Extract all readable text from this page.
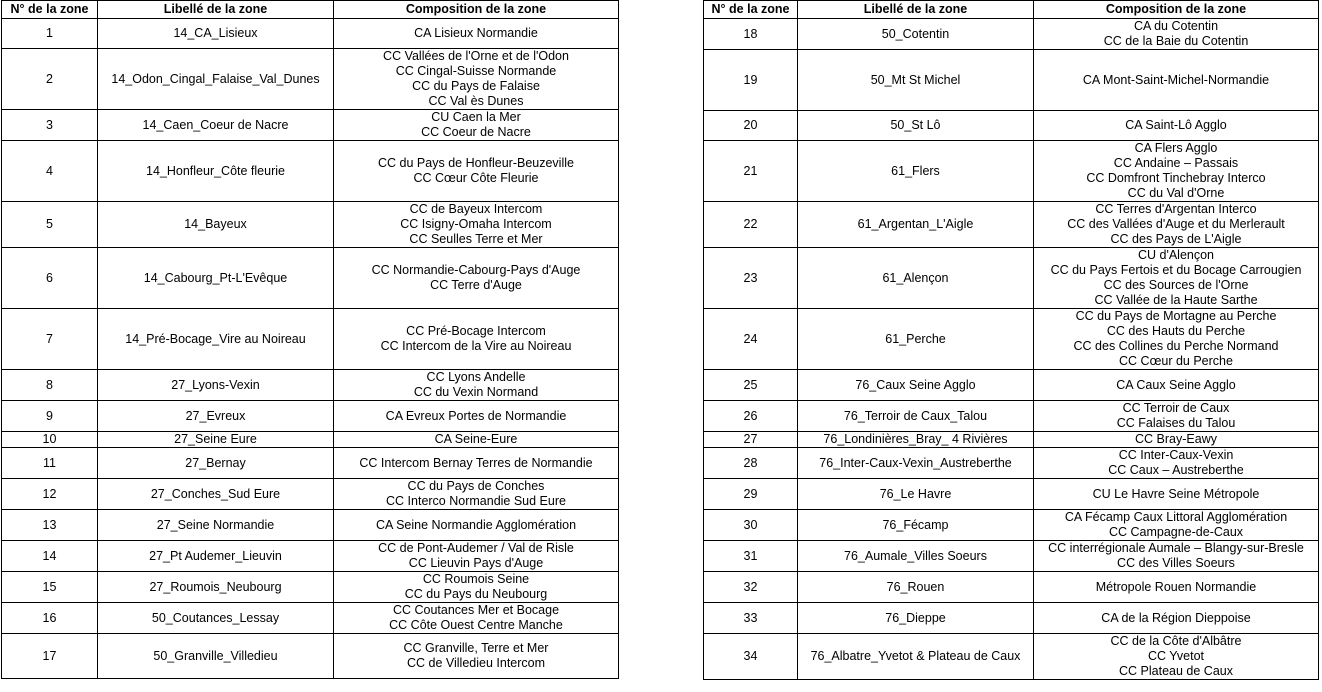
N° de la zone	Libellé de la zone	Composition de la zone
1	14_CA_Lisieux	CA Lisieux Normandie

2	14_Odon_Cingal_Falaise_Val_Dunes	CC Vallées de l'Orne et de l'Odon
CC Cingal-Suisse Normande
CC du Pays de Falaise
CC Val ès Dunes

3	14_Caen_Coeur de Nacre	CU Caen la Mer
CC Coeur de Nacre

4	14_Honfleur_Côte fleurie	CC du Pays de Honfleur-Beuzeville
CC Cœur Côte Fleurie

5	14_Bayeux	CC de Bayeux Intercom
CC Isigny-Omaha Intercom
CC Seulles Terre et Mer

6	14_Cabourg_Pt-L'Evêque	CC Normandie-Cabourg-Pays d'Auge
CC Terre d'Auge

7	14_Pré-Bocage_Vire au Noireau	CC Pré-Bocage Intercom
CC Intercom de la Vire au Noireau

8	27_Lyons-Vexin	CC Lyons Andelle
CC du Vexin Normand

9	27_Evreux	CA Evreux Portes de Normandie

10	27_Seine Eure	CA Seine-Eure

11	27_Bernay	CC Intercom Bernay Terres de Normandie

12	27_Conches_Sud Eure	CC du Pays de Conches
CC Interco Normandie Sud Eure

13	27_Seine Normandie	CA Seine Normandie Agglomération

14	27_Pt Audemer_Lieuvin	CC de Pont-Audemer / Val de Risle
CC Lieuvin Pays d'Auge

15	27_Roumois_Neubourg	CC Roumois Seine
CC du Pays du Neubourg

16	50_Coutances_Lessay	CC Coutances Mer et Bocage
CC Côte Ouest Centre Manche

17	50_Granville_Villedieu	CC Granville, Terre et Mer
CC de Villedieu Intercom
N° de la zone	Libellé de la zone	Composition de la zone
18	50_Cotentin	CA du Cotentin
CC de la Baie du Cotentin

19	50_Mt St Michel	CA Mont-Saint-Michel-Normandie

20	50_St Lô	CA Saint-Lô Agglo

21	61_Flers	CA Flers Agglo
CC Andaine – Passais
CC Domfront Tinchebray Interco
CC du Val d'Orne

22	61_Argentan_L'Aigle	CC Terres d'Argentan Interco
CC des Vallées d'Auge et du Merlerault
CC des Pays de L'Aigle

23	61_Alençon	CU d'Alençon
CC du Pays Fertois et du Bocage Carrougien
CC des Sources de l'Orne
CC Vallée de la Haute Sarthe

24	61_Perche	CC du Pays de Mortagne au Perche
CC des Hauts du Perche
CC des Collines du Perche Normand
CC Cœur du Perche

25	76_Caux Seine Agglo	CA Caux Seine Agglo

26	76_Terroir de Caux_Talou	CC Terroir de Caux
CC Falaises du Talou

27	76_Londinières_Bray_ 4 Rivières	CC Bray-Eawy

28	76_Inter-Caux-Vexin_Austreberthe	CC Inter-Caux-Vexin
CC Caux – Austreberthe

29	76_Le Havre	CU Le Havre Seine Métropole

30	76_Fécamp	CA Fécamp Caux Littoral Agglomération
CC Campagne-de-Caux

31	76_Aumale_Villes Soeurs	CC interrégionale Aumale – Blangy-sur-Bresle
CC des Villes Soeurs

32	76_Rouen	Métropole Rouen Normandie

33	76_Dieppe	CA de la Région Dieppoise

34	76_Albatre_Yvetot & Plateau de Caux	CC de la Côte d'Albâtre
CC Yvetot
CC Plateau de Caux
